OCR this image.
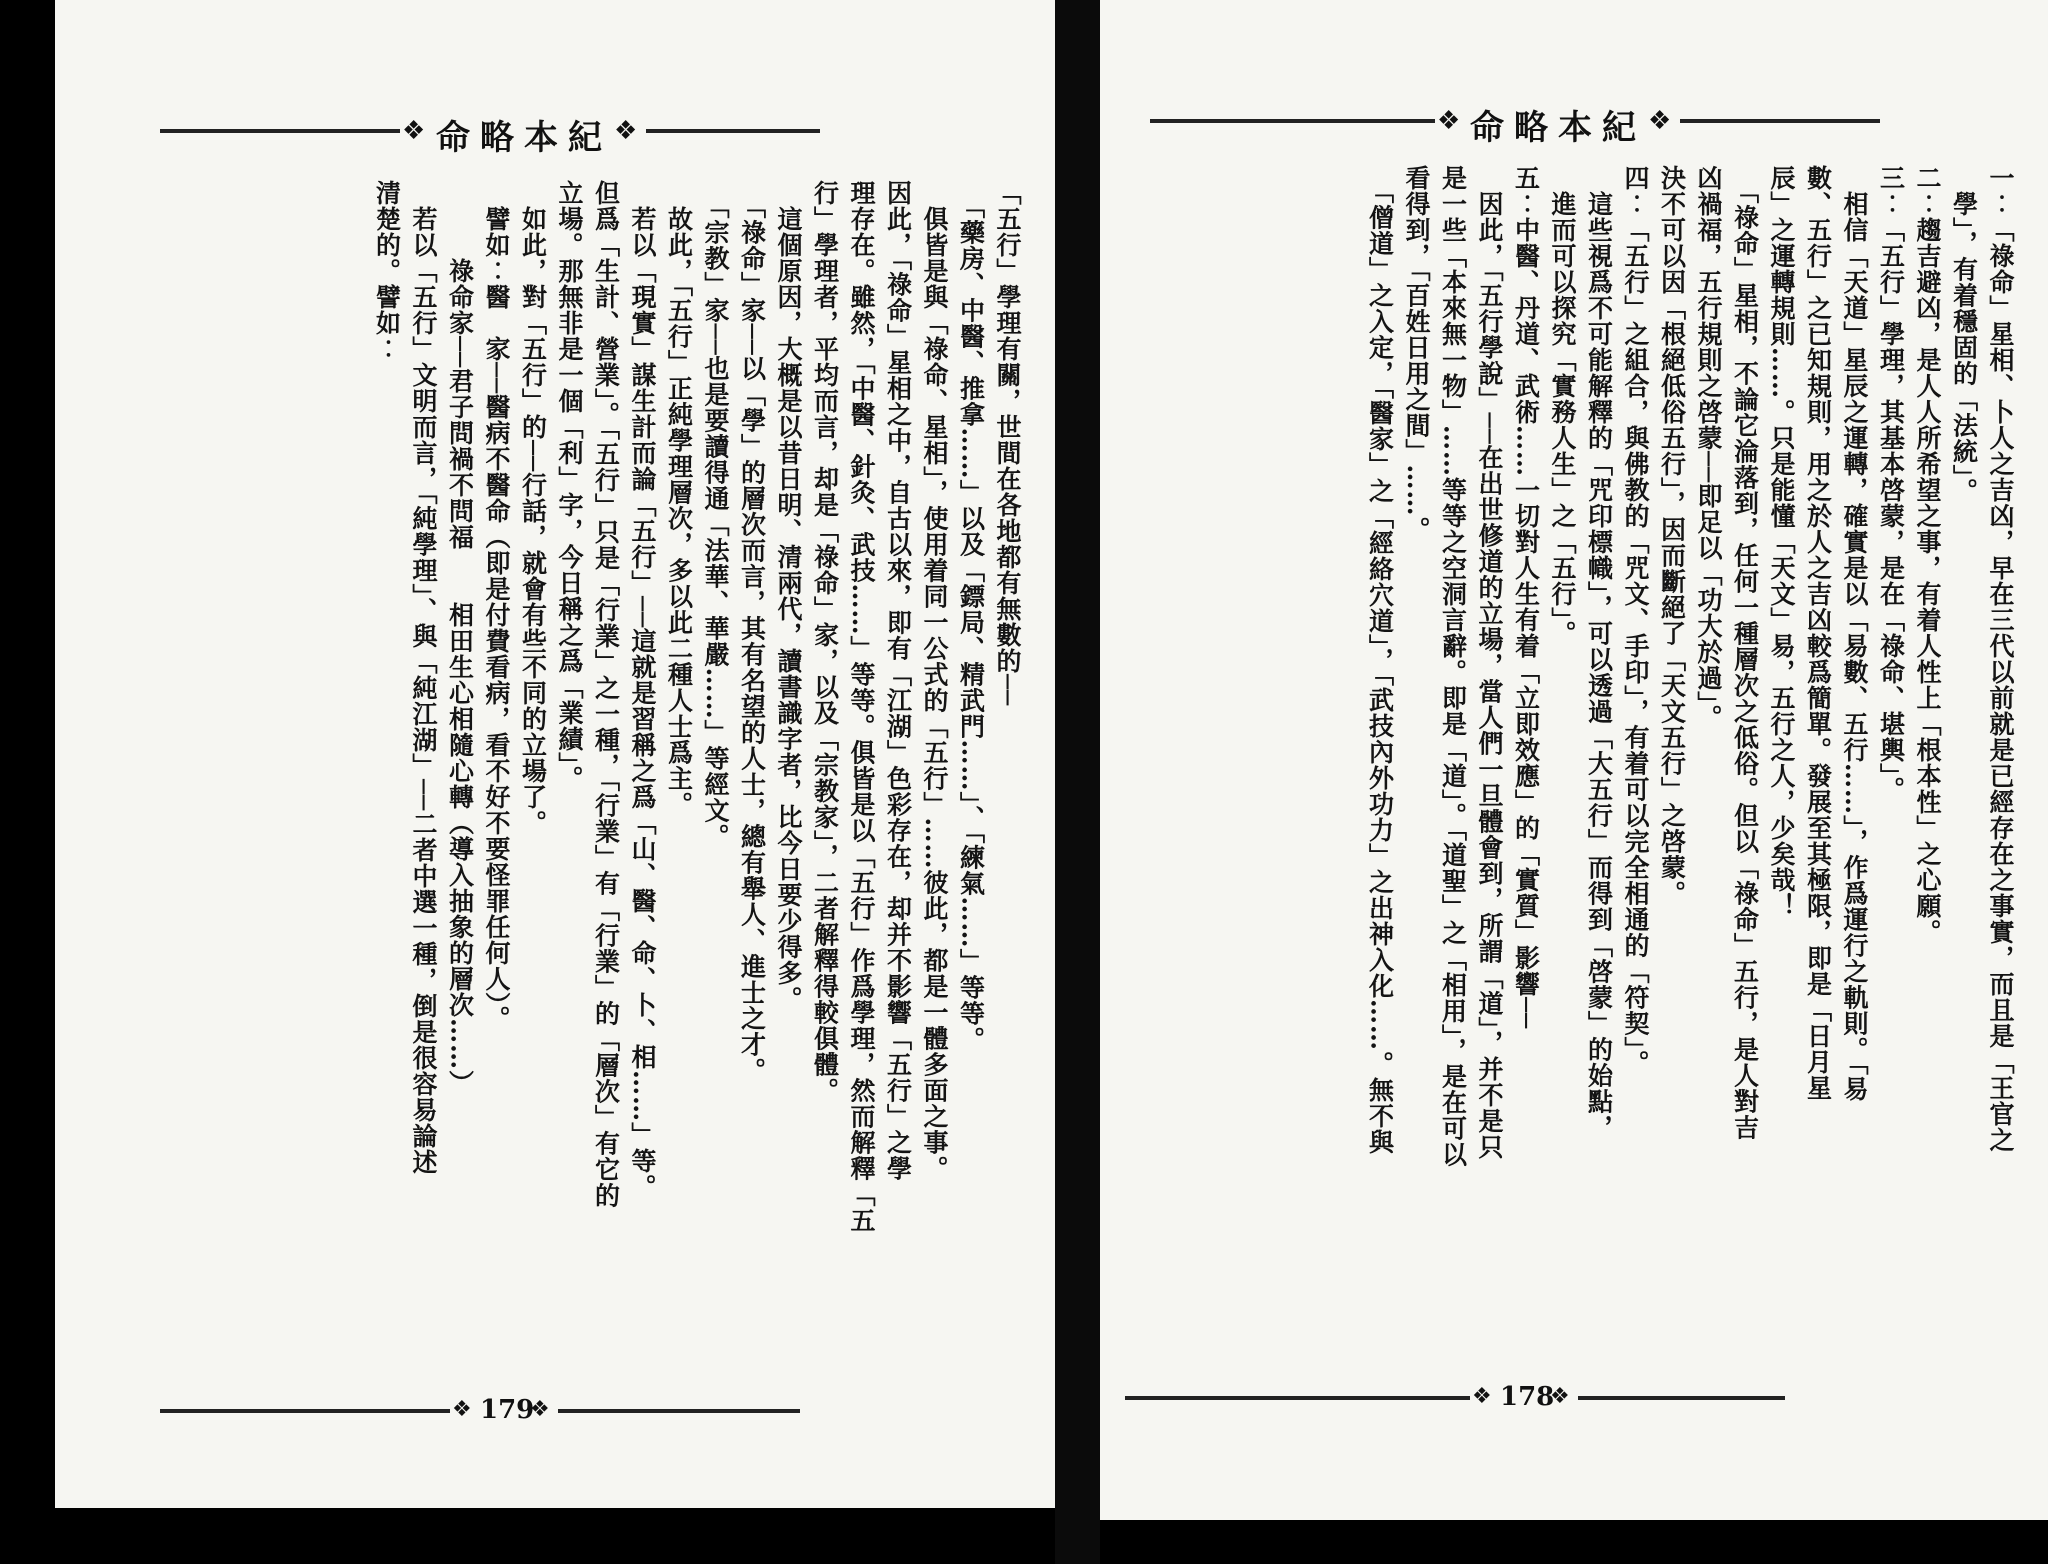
❖ 命略本紀 ❖
「五行」學理有關，世間在各地都有無數的──
　「藥房、中醫、推拿……」以及「鏢局、精武門……」、「練氣……」等等。
　俱皆是與「祿命、星相」，使用着同一公式的「五行」……彼此，都是一體多面之事。
因此，「祿命」星相之中，自古以來，即有「江湖」色彩存在，却并不影響「五行」之學
理存在。雖然，「中醫、針灸、武技……」等等。俱皆是以「五行」作爲學理，然而解釋「五
行」學理者，平均而言，却是「祿命」家，以及「宗教家」，二者解釋得較俱體。
　這個原因，大概是以昔日明、清兩代，讀書識字者，比今日要少得多。
　「祿命」家──以「學」的層次而言，其有名望的人士，總有舉人、進士之才。
　「宗教」家──也是要讀得通「法華、華嚴……」等經文。
　故此，「五行」正純學理層次，多以此二種人士爲主。
　若以「現實」謀生計而論「五行」──這就是習稱之爲「山、醫、命、卜、相……」等。
但爲「生計、營業」。「五行」只是「行業」之一種，「行業」有「行業」的「層次」有它的
立場。那無非是一個「利」字，今日稱之爲「業績」。
　如此，對「五行」的──行話，就會有些不同的立場了。
　譬如︰醫　家──醫病不醫命（即是付費看病，看不好不要怪罪任何人）。
　　　祿命家──君子問禍不問福　　相田生心相隨心轉（導入抽象的層次……）
　若以「五行」文明而言，「純學理」、與「純江湖」──二者中選一種，倒是很容易論述
清楚的。譬如︰
❖ 179
❖
❖ 命略本紀 ❖
一︰「祿命」星相、卜人之吉凶，早在三代以前就是已經存在之事實，而且是「王官之
　學」，有着穩固的「法統」。
二︰趨吉避凶，是人人所希望之事，有着人性上「根本性」之心願。
三︰「五行」學理，其基本啓蒙，是在「祿命、堪輿」。
　相信「天道」星辰之運轉，確實是以「易數、五行……」，作爲運行之軌則。「易
數、五行」之已知規則，用之於人之吉凶較爲簡單。發展至其極限，即是「日月星
辰」之運轉規則……。只是能懂「天文」易，五行之人，少矣哉！
　「祿命」星相，不論它淪落到，任何一種層次之低俗。但以「祿命」五行，是人對吉
凶禍福，五行規則之啓蒙──即足以「功大於過」。
決不可以因「根絕低俗五行」，因而斷絕了「天文五行」之啓蒙。
四︰「五行」之組合，與佛教的「咒文、手印」，有着可以完全相通的「符契」。
　這些視爲不可能解釋的「咒印標幟」，可以透過「大五行」而得到「啓蒙」的始點，
　進而可以探究「實務人生」之「五行」。
五︰中醫、丹道、武術……一切對人生有着「立即效應」的「實質」影響──
　因此，「五行學說」──在出世修道的立場，當人們一旦體會到，所謂「道」，并不是只
是一些「本來無一物」……等等之空洞言辭。即是「道」。「道聖」之「相用」，是在可以
看得到，「百姓日用之間」……。
　「僧道」之入定，「醫家」之「經絡穴道」，「武技內外功力」之出神入化……。無不與
❖ 178
❖
